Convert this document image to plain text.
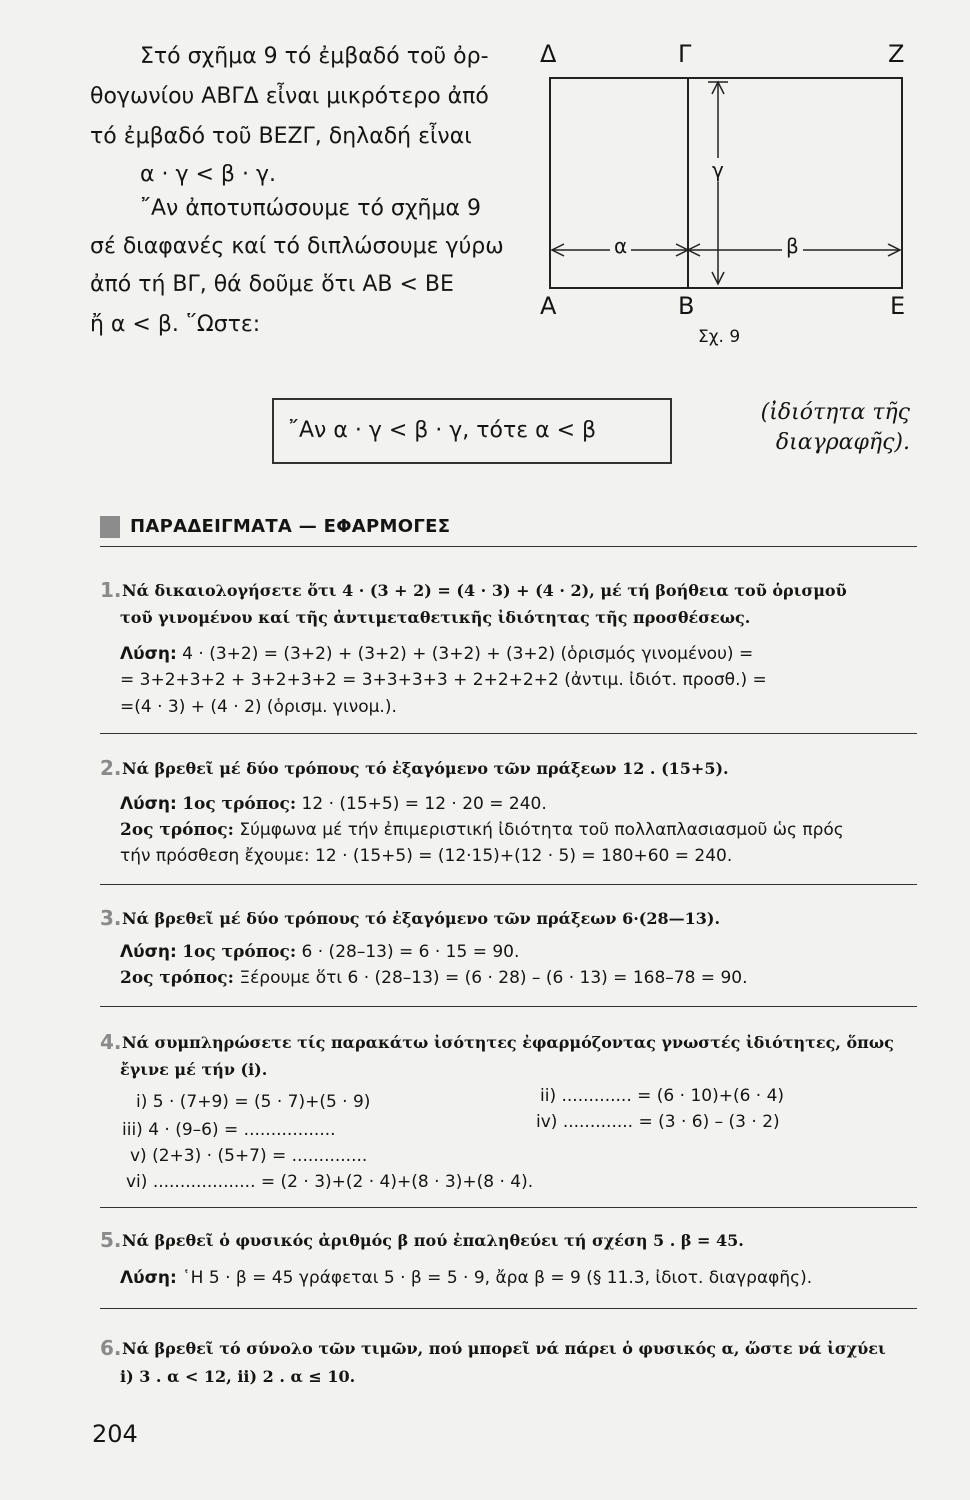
Στό σχῆμα 9 τό ἐμβαδό τοῦ ὀρ-

θογωνίου ΑΒΓΔ εἶναι μικρότερο ἀπό

τό ἐμβαδό τοῦ ΒΕΖΓ, δηλαδή εἶναι

α · γ < β · γ.

῎Αν ἀποτυπώσουμε τό σχῆμα 9

σέ διαφανές καί τό διπλώσουμε γύρω

ἀπό τή ΒΓ, θά δοῦμε ὅτι ΑΒ < ΒΕ

ἤ α < β. ῞Ωστε:

Δ	Γ	Ζ
Α	Β	Ε
γ
α	β
Σχ. 9
῎Αν α · γ < β · γ, τότε α < β

(ἰδιότητα τῆς

διαγραφῆς).

ΠΑΡΑΔΕΙΓΜΑΤΑ — ΕΦΑΡΜΟΓΕΣ

1. Νά δικαιολογήσετε ὅτι 4 · (3 + 2) = (4 · 3) + (4 · 2), μέ τή βοήθεια τοῦ ὁρισμοῦ

τοῦ γινομένου καί τῆς ἀντιμεταθετικῆς ἰδιότητας τῆς προσθέσεως.

Λύση: 4 · (3+2) = (3+2) + (3+2) + (3+2) + (3+2) (ὁρισμός γινομένου) =
= 3+2+3+2 + 3+2+3+2 = 3+3+3+3 + 2+2+2+2 (ἀντιμ. ἰδιότ. προσθ.) =
=(4 · 3) + (4 · 2) (ὁρισμ. γινομ.).

2. Νά βρεθεῖ μέ δύο τρόπους τό ἐξαγόμενο τῶν πράξεων 12 . (15+5).

Λύση: 1ος τρόπος: 12 · (15+5) = 12 · 20 = 240.
2ος τρόπος: Σύμφωνα μέ τήν ἐπιμεριστική ἰδιότητα τοῦ πολλαπλασιασμοῦ ὡς πρός
τήν πρόσθεση ἔχουμε: 12 · (15+5) = (12·15)+(12 · 5) = 180+60 = 240.

3. Νά βρεθεῖ μέ δύο τρόπους τό ἐξαγόμενο τῶν πράξεων 6·(28—13).

Λύση: 1ος τρόπος: 6 · (28–13) = 6 · 15 = 90.
2ος τρόπος: Ξέρουμε ὅτι 6 · (28–13) = (6 · 28) – (6 · 13) = 168–78 = 90.

4. Νά συμπληρώσετε τίς παρακάτω ἰσότητες ἐφαρμόζοντας γνωστές ἰδιότητες, ὅπως

ἔγινε μέ τήν (i).

i) 5 · (7+9) = (5 · 7)+(5 · 9)	ii) ............. = (6 · 10)+(6 · 4)
iii) 4 · (9–6) = .................	iv) ............. = (3 · 6) – (3 · 2)
v) (2+3) · (5+7) = ..............
vi) ................... = (2 · 3)+(2 · 4)+(8 · 3)+(8 · 4).

5. Νά βρεθεῖ ὁ φυσικός ἀριθμός β πού ἐπαληθεύει τή σχέση 5 . β = 45.

Λύση: ῾Η 5 · β = 45 γράφεται 5 · β = 5 · 9, ἄρα β = 9 (§ 11.3, ἰδιοτ. διαγραφῆς).

6. Νά βρεθεῖ τό σύνολο τῶν τιμῶν, πού μπορεῖ νά πάρει ὁ φυσικός α, ὥστε νά ἰσχύει

i) 3 . α < 12, ii) 2 . α ≤ 10.

204
